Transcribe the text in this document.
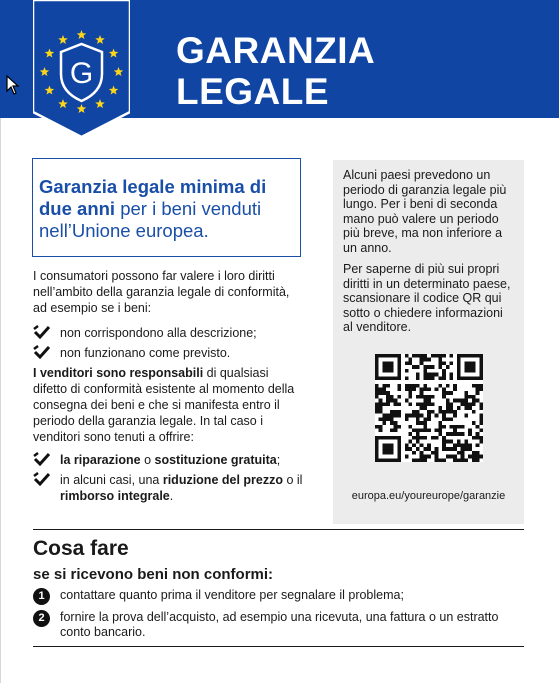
G
GARANZIA
LEGALE
Garanzia legale minima di due anni per i beni venduti nell’Unione europea.

I consumatori possono far valere i loro diritti nell’ambito della garanzia legale di conformità, ad esempio se i beni:

non corrispondono alla descrizione;
non funzionano come previsto.

I venditori sono responsabili di qualsiasi difetto di conformità esistente al momento della consegna dei beni e che si manifesta entro il periodo della garanzia legale. In tal caso i venditori sono tenuti a offrire:

la riparazione o sostituzione gratuita;
in alcuni casi, una riduzione del prezzo o il rimborso integrale.

Alcuni paesi prevedono un periodo di garanzia legale più lungo. Per i beni di seconda mano può valere un periodo più breve, ma non inferiore a un anno.

Per saperne di più sui propri diritti in un determinato paese, scansionare il codice QR qui sotto o chiedere informazioni al venditore.

europa.eu/youreurope/garanzie
Cosa fare
se si ricevono beni non conformi:
1	contattare quanto prima il venditore per segnalare il problema;
2	fornire la prova dell’acquisto, ad esempio una ricevuta, una fattura o un estratto conto bancario.
